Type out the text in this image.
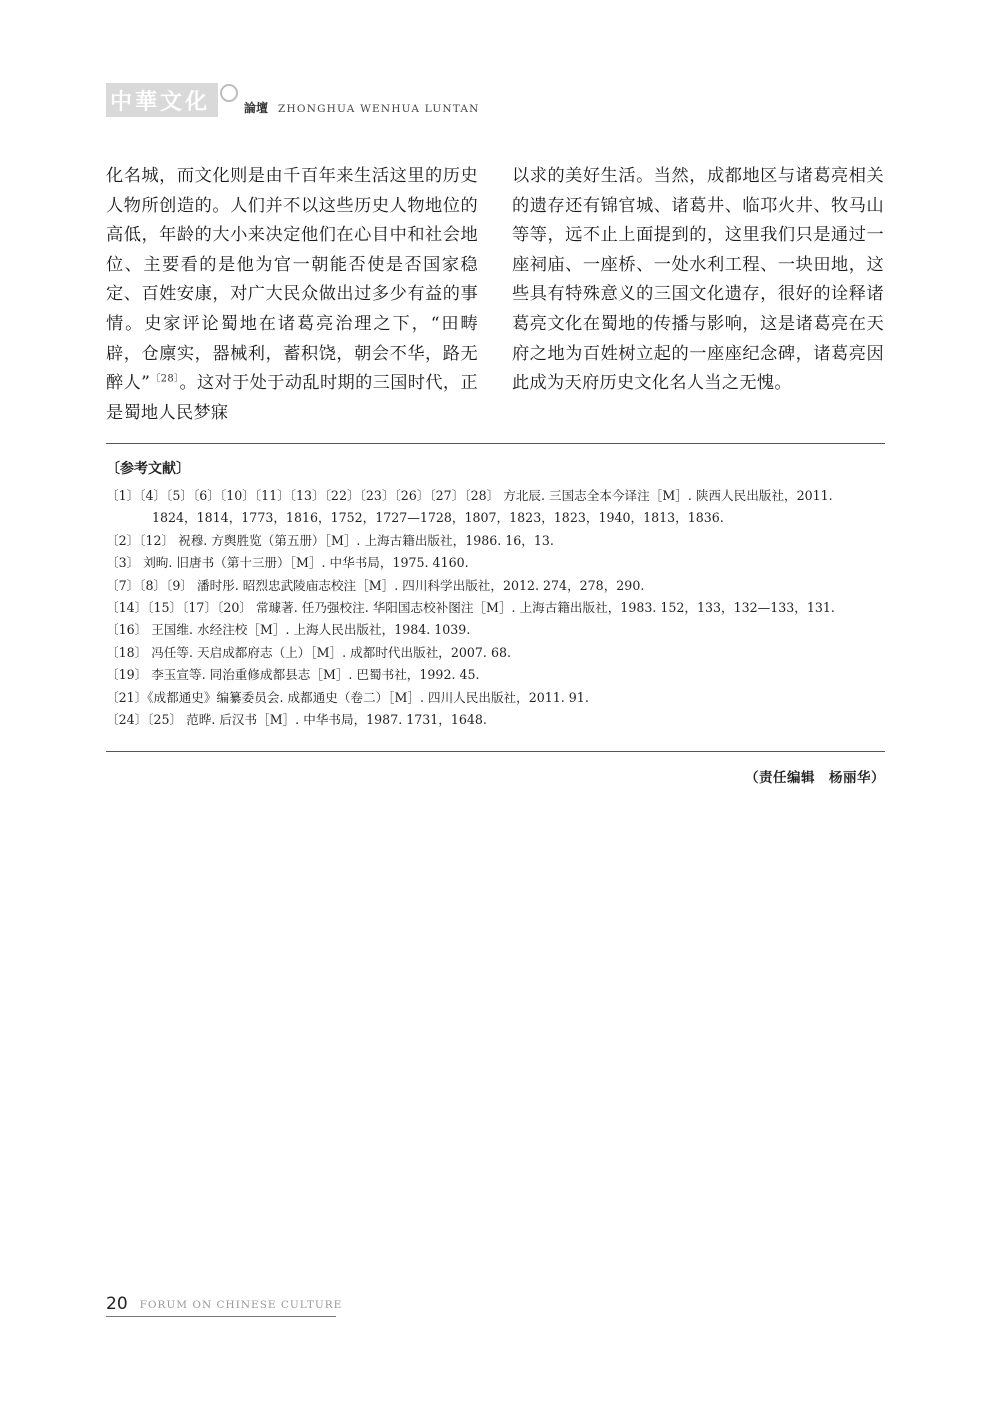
中華文化	論壇 ZHONGHUA WENHUA LUNTAN
化名城，而文化则是由千百年来生活这里的历史人物所创造的。人们并不以这些历史人物地位的高低，年龄的大小来决定他们在心目中和社会地位、主要看的是他为官一朝能否使是否国家稳定、百姓安康，对广大民众做出过多少有益的事情。史家评论蜀地在诸葛亮治理之下，“田畴辟，仓廪实，器械利，蓄积饶，朝会不华，路无醉人”$^{〔28〕}$。这对于处于动乱时期的三国时代，正是蜀地人民梦寐
以求的美好生活。当然，成都地区与诸葛亮相关的遗存还有锦官城、诸葛井、临邛火井、牧马山等等，远不止上面提到的，这里我们只是通过一座祠庙、一座桥、一处水利工程、一块田地，这些具有特殊意义的三国文化遗存，很好的诠释诸葛亮文化在蜀地的传播与影响，这是诸葛亮在天府之地为百姓树立起的一座座纪念碑，诸葛亮因此成为天府历史文化名人当之无愧。
〔参考文献〕
〔1〕〔4〕〔5〕〔6〕〔10〕〔11〕〔13〕〔22〕〔23〕〔26〕〔27〕〔28〕 方北辰. 三国志全本今译注［M］. 陕西人民出版社，2011.
1824，1814，1773，1816，1752，1727—1728，1807，1823，1823，1940，1813，1836.
〔2〕〔12〕 祝穆. 方舆胜览（第五册）［M］. 上海古籍出版社，1986. 16，13.
〔3〕 刘昫. 旧唐书（第十三册）［M］. 中华书局，1975. 4160.
〔7〕〔8〕〔9〕 潘时彤. 昭烈忠武陵庙志校注［M］. 四川科学出版社，2012. 274，278，290.
〔14〕〔15〕〔17〕〔20〕 常璩著. 任乃强校注. 华阳国志校补图注［M］. 上海古籍出版社，1983. 152，133，132—133，131.
〔16〕 王国维. 水经注校［M］. 上海人民出版社，1984. 1039.
〔18〕 冯任等. 天启成都府志（上）［M］. 成都时代出版社，2007. 68.
〔19〕 李玉宣等. 同治重修成都县志［M］. 巴蜀书社，1992. 45.
〔21〕《成都通史》编纂委员会. 成都通史（卷二）［M］. 四川人民出版社，2011. 91.
〔24〕〔25〕 范晔. 后汉书［M］. 中华书局，1987. 1731，1648.
（责任编辑　杨丽华）
20 FORUM ON CHINESE CULTURE
